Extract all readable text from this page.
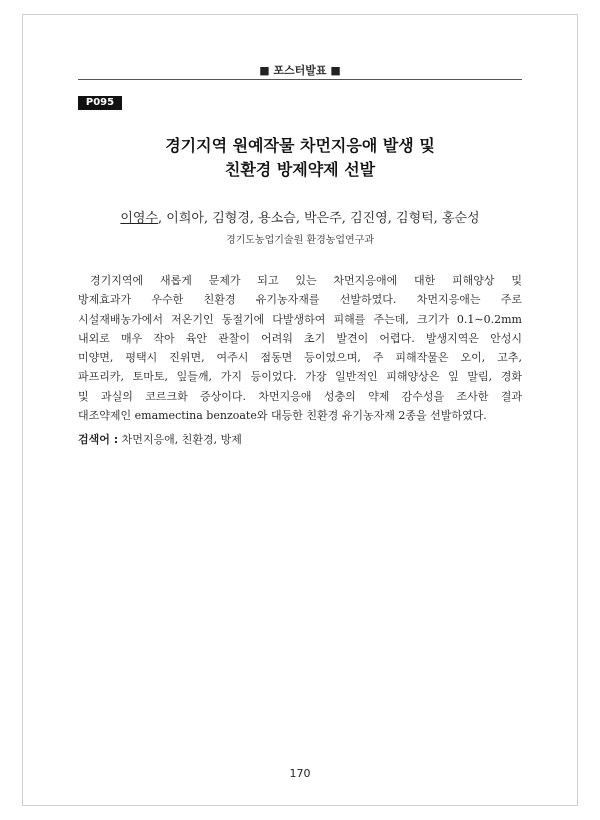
■ 포스터발표 ■
P095
경기지역 원예작물 차먼지응애 발생 및
친환경 방제약제 선발
이영수, 이희아, 김형경, 용소슴, 박은주, 김진영, 김형턱, 홍순성
경기도농업기술원 환경농업연구과
경기지역에 새롭게 문제가 되고 있는 차먼지응애에 대한 피해양상 및
방제효과가 우수한 친환경 유기농자재를 선발하였다. 차먼지응애는 주로
시설재배농가에서 저온기인 동절기에 다발생하여 피해를 주는데, 크기가 0.1∼0.2mm
내외로 매우 작아 육안 관찰이 어려워 초기 발견이 어렵다. 발생지역은 안성시
미양면, 평택시 진위면, 여주시 점동면 등이었으며, 주 피해작물은 오이, 고추,
파프리카, 토마토, 잎들깨, 가지 등이었다. 가장 일반적인 피해양상은 잎 말림, 경화
및 과실의 코르크화 증상이다. 차먼지응애 성충의 약제 감수성을 조사한 결과
대조약제인 emamectina benzoate와 대등한 친환경 유기농자재 2종을 선발하였다.
검색어 : 차먼지응애, 친환경, 방제
170
